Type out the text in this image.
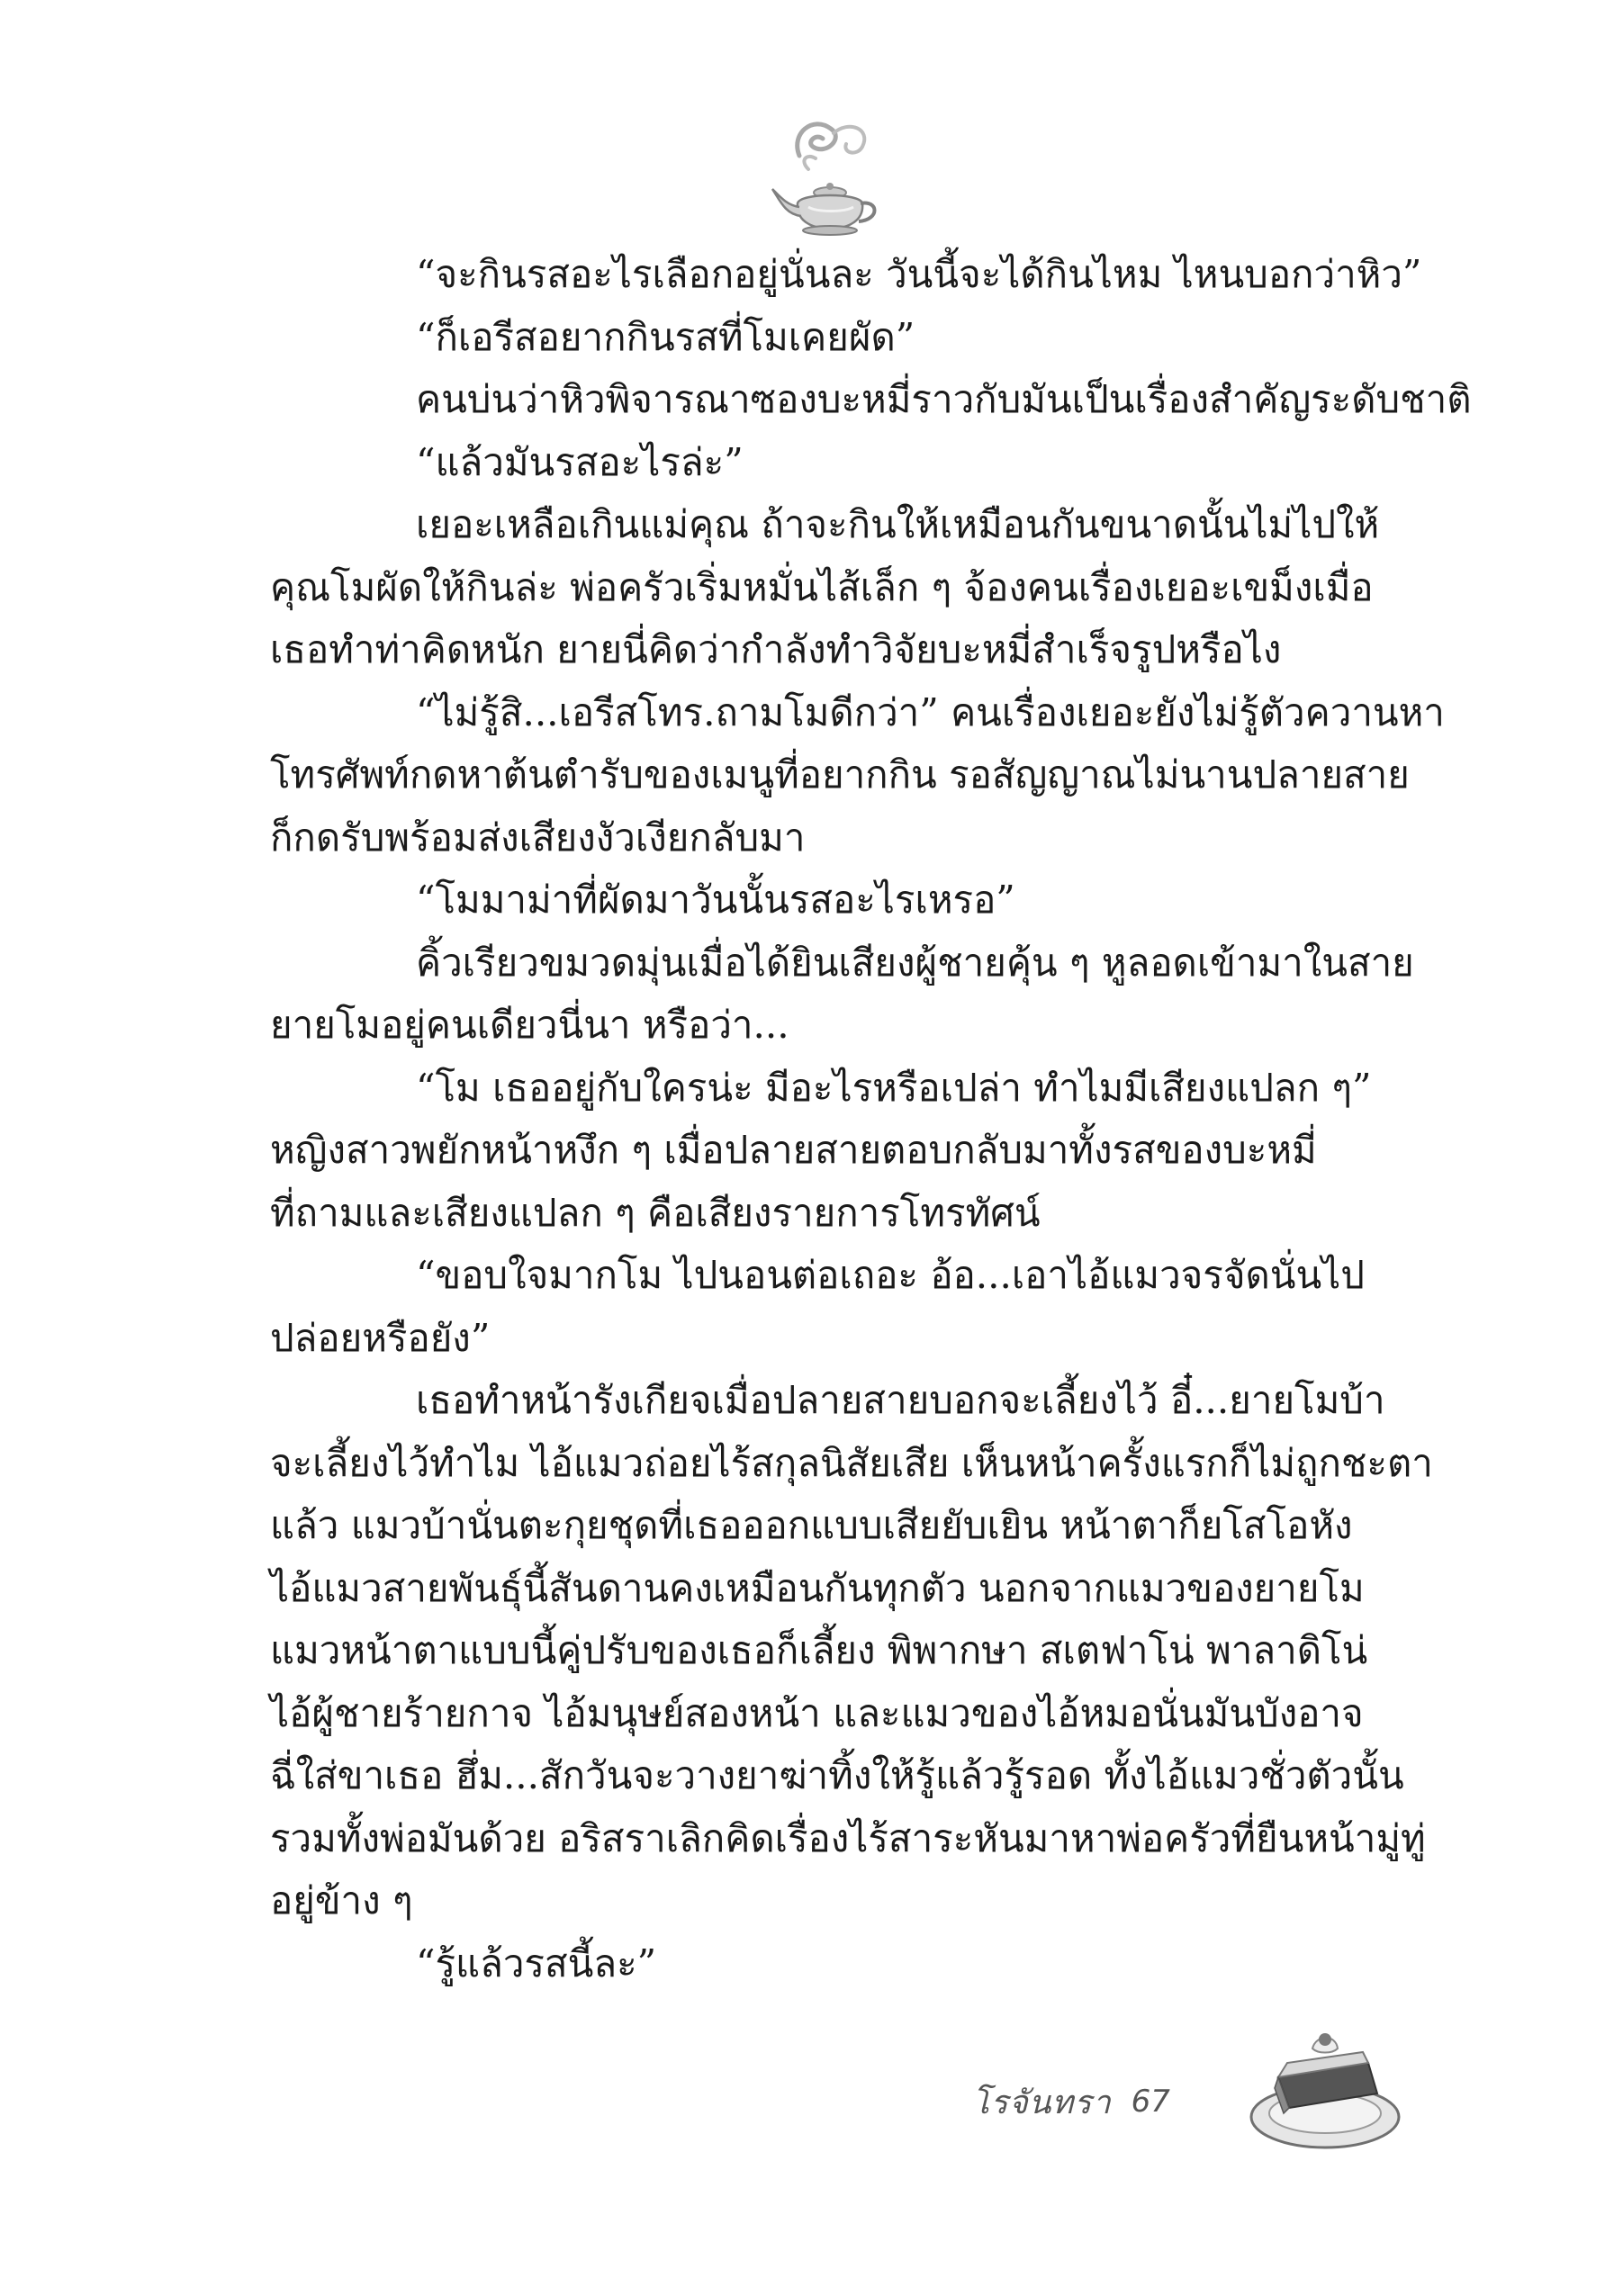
“จะกินรสอะไรเลือกอยู่นั่นละ วันนี้จะได้กินไหม ไหนบอกว่าหิว”

“ก็เอรีสอยากกินรสที่โมเคยผัด”

คนบ่นว่าหิวพิจารณาซองบะหมี่ราวกับมันเป็นเรื่องสำคัญระดับชาติ

“แล้วมันรสอะไรล่ะ”

เยอะเหลือเกินแม่คุณ ถ้าจะกินให้เหมือนกันขนาดนั้นไม่ไปให้

คุณโมผัดให้กินล่ะ พ่อครัวเริ่มหมั่นไส้เล็ก ๆ จ้องคนเรื่องเยอะเขม็งเมื่อ

เธอทำท่าคิดหนัก ยายนี่คิดว่ากำลังทำวิจัยบะหมี่สำเร็จรูปหรือไง

“ไม่รู้สิ...เอรีสโทร.ถามโมดีกว่า” คนเรื่องเยอะยังไม่รู้ตัวควานหา

โทรศัพท์กดหาต้นตำรับของเมนูที่อยากกิน รอสัญญาณไม่นานปลายสาย

ก็กดรับพร้อมส่งเสียงงัวเงียกลับมา

“โมมาม่าที่ผัดมาวันนั้นรสอะไรเหรอ”

คิ้วเรียวขมวดมุ่นเมื่อได้ยินเสียงผู้ชายคุ้น ๆ หูลอดเข้ามาในสาย

ยายโมอยู่คนเดียวนี่นา หรือว่า...

“โม เธออยู่กับใครน่ะ มีอะไรหรือเปล่า ทำไมมีเสียงแปลก ๆ”

หญิงสาวพยักหน้าหงึก ๆ เมื่อปลายสายตอบกลับมาทั้งรสของบะหมี่

ที่ถามและเสียงแปลก ๆ คือเสียงรายการโทรทัศน์

“ขอบใจมากโม ไปนอนต่อเถอะ อ้อ...เอาไอ้แมวจรจัดนั่นไป

ปล่อยหรือยัง”

เธอทำหน้ารังเกียจเมื่อปลายสายบอกจะเลี้ยงไว้ อี๋...ยายโมบ้า

จะเลี้ยงไว้ทำไม ไอ้แมวถ่อยไร้สกุลนิสัยเสีย เห็นหน้าครั้งแรกก็ไม่ถูกชะตา

แล้ว แมวบ้านั่นตะกุยชุดที่เธอออกแบบเสียยับเยิน หน้าตาก็ยโสโอหัง

ไอ้แมวสายพันธุ์นี้สันดานคงเหมือนกันทุกตัว นอกจากแมวของยายโม

แมวหน้าตาแบบนี้คู่ปรับของเธอก็เลี้ยง พิพากษา สเตฟาโน่ พาลาดิโน่

ไอ้ผู้ชายร้ายกาจ ไอ้มนุษย์สองหน้า และแมวของไอ้หมอนั่นมันบังอาจ

ฉี่ใส่ขาเธอ ฮึ่ม...สักวันจะวางยาฆ่าทิ้งให้รู้แล้วรู้รอด ทั้งไอ้แมวชั่วตัวนั้น

รวมทั้งพ่อมันด้วย อริสราเลิกคิดเรื่องไร้สาระหันมาหาพ่อครัวที่ยืนหน้ามู่ทู่

อยู่ข้าง ๆ

“รู้แล้วรสนี้ละ”

โรจันทรา 67
